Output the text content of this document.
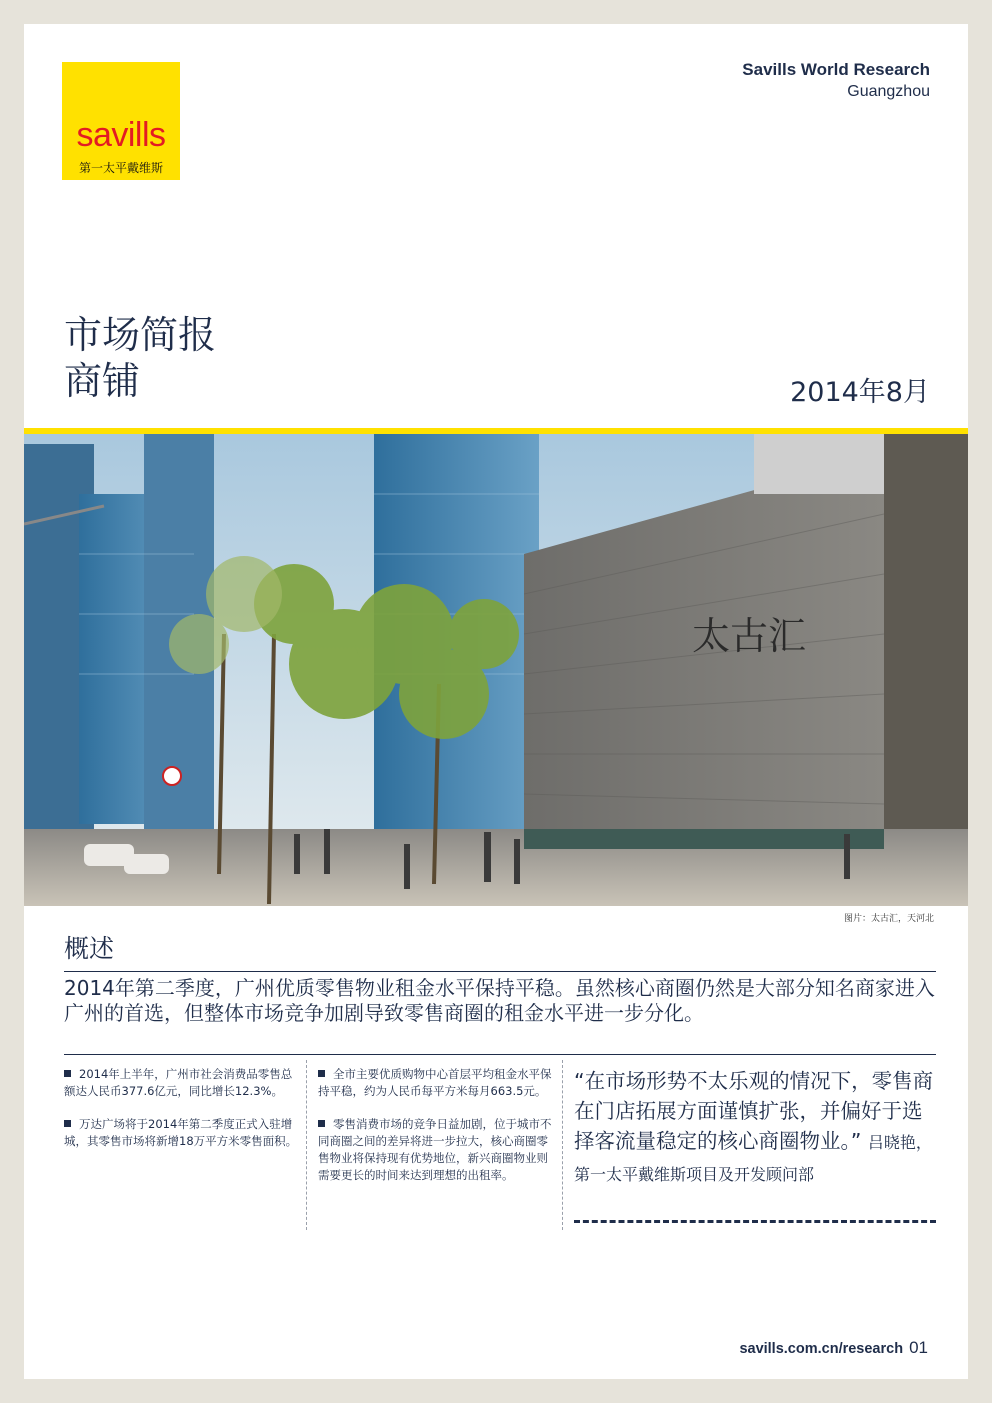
savills
第一太平戴维斯
Savills World Research
Guangzhou
市场简报
商铺	2014年8月
太古汇
图片：太古汇，天河北
概述
2014年第二季度，广州优质零售物业租金水平保持平稳。虽然核心商圈仍然是大部分知名商家进入广州的首选，但整体市场竞争加剧导致零售商圈的租金水平进一步分化。
2014年上半年，广州市社会消费品零售总额达人民币377.6亿元，同比增长12.3%。
万达广场将于2014年第二季度正式入驻增城，其零售市场将新增18万平方米零售面积。
全市主要优质购物中心首层平均租金水平保持平稳，约为人民币每平方米每月663.5元。
零售消费市场的竞争日益加剧，位于城市不同商圈之间的差异将进一步拉大，核心商圈零售物业将保持现有优势地位，新兴商圈物业则需要更长的时间来达到理想的出租率。
“在市场形势不太乐观的情况下，零售商在门店拓展方面谨慎扩张，并偏好于选择客流量稳定的核心商圈物业。” 吕晓艳，第一太平戴维斯项目及开发顾问部
savills.com.cn/research 01
